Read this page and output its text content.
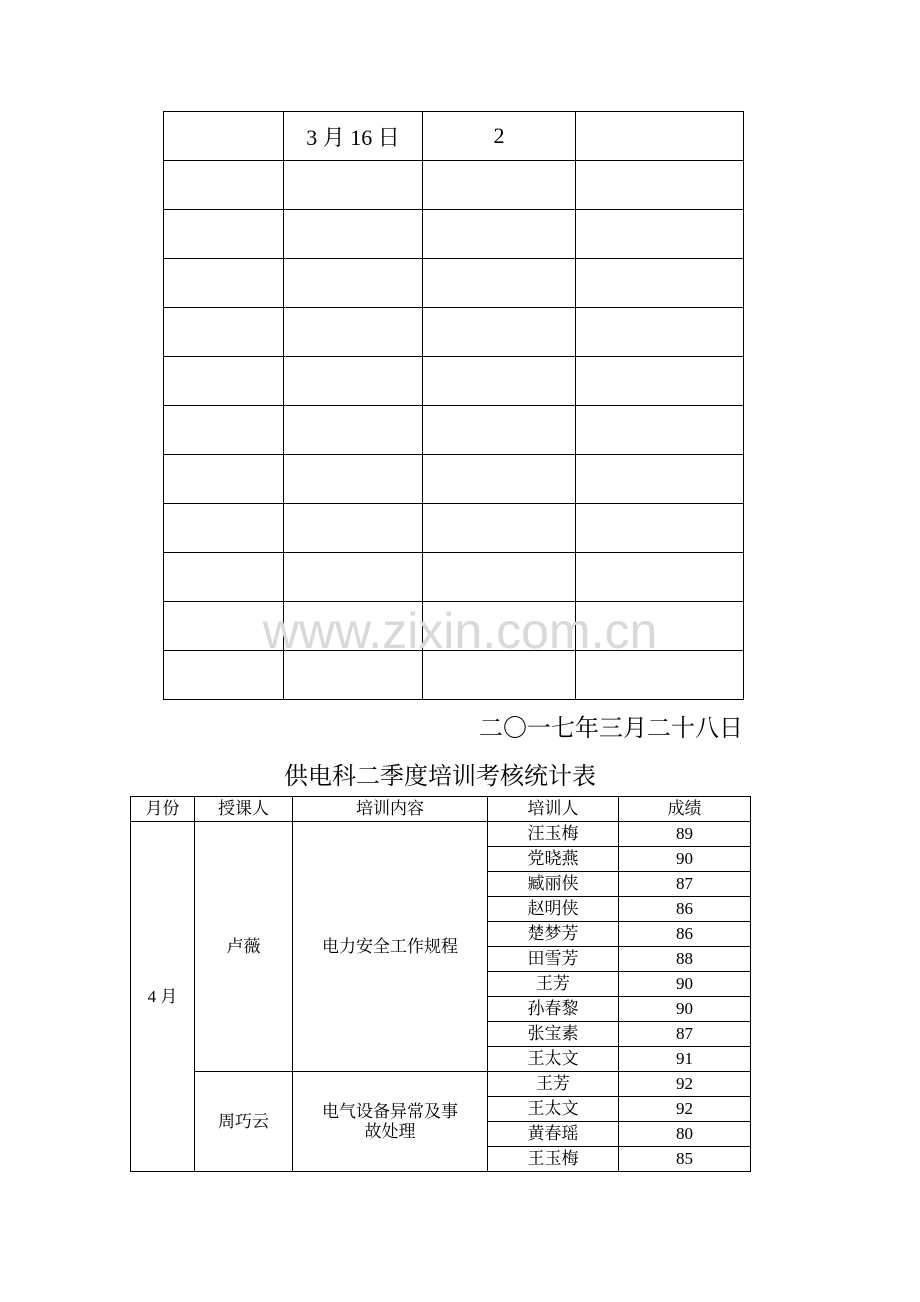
	3 月 16 日	2	

二〇一七年三月二十八日
供电科二季度培训考核统计表
月份	授课人	培训内容	培训人	成绩
4 月	卢薇	电力安全工作规程	汪玉梅	89
			党晓燕	90
			臧丽侠	87
			赵明侠	86
			楚梦芳	86
			田雪芳	88
			王芳	90
			孙春黎	90
			张宝素	87
			王太文	91
	周巧云	电气设备异常及事故处理	王芳	92
			王太文	92
			黄春瑶	80
			王玉梅	85
www.zixin.com.cn
